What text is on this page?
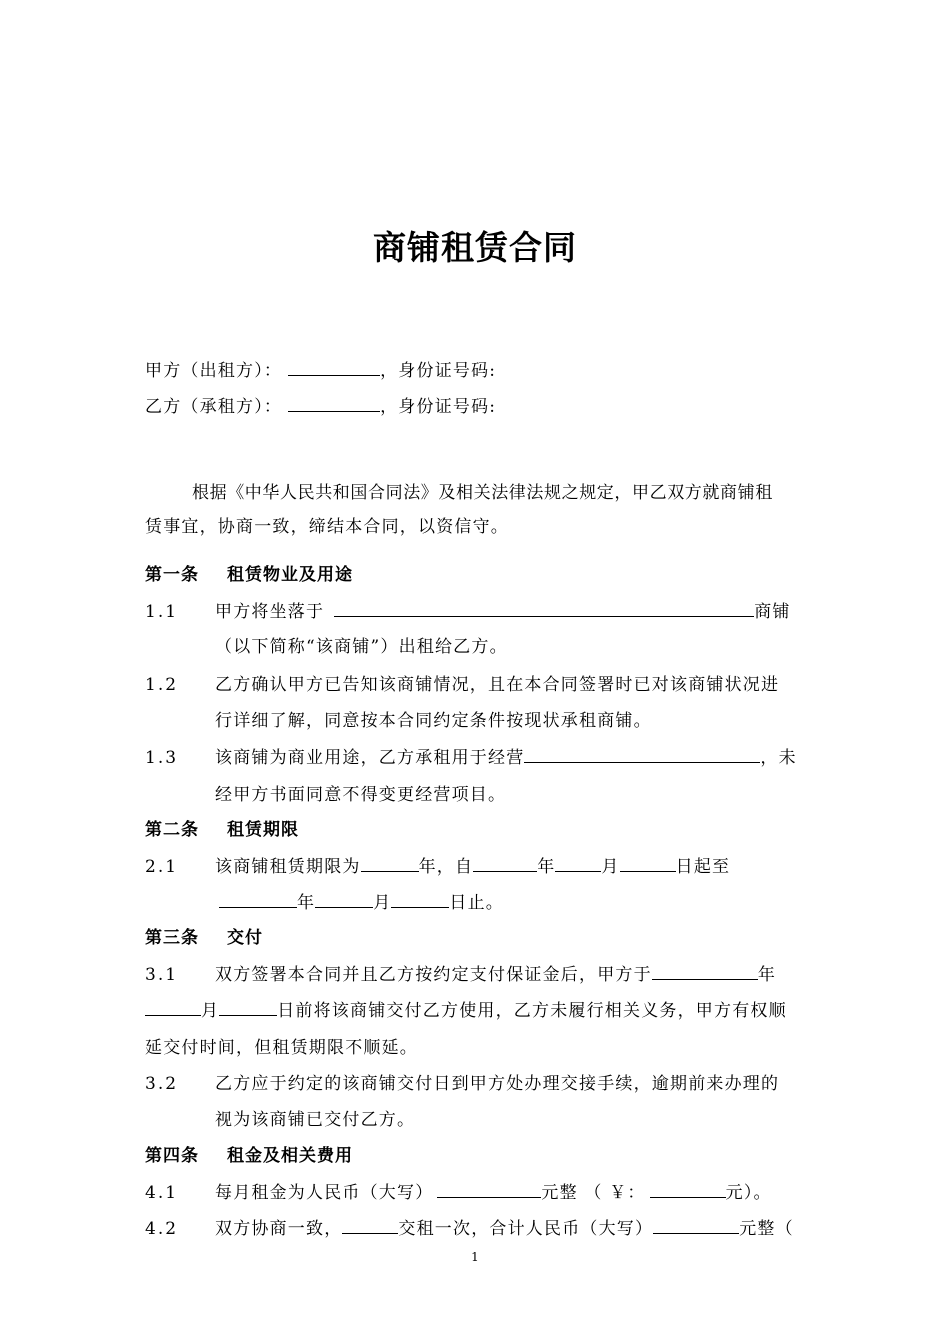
商铺租赁合同
甲方（出租方）：	，身份证号码:
乙方（承租方）：	，身份证号码:
根据《中华人民共和国合同法》及相关法律法规之规定，甲乙双方就商铺租
赁事宜，协商一致，缔结本合同，以资信守。
第一条 租赁物业及用途
1.1 甲方将坐落于	商铺
（以下简称“该商铺”）出租给乙方。
1.2 乙方确认甲方已告知该商铺情况，且在本合同签署时已对该商铺状况进
行详细了解，同意按本合同约定条件按现状承租商铺。
1.3 该商铺为商业用途，乙方承租用于经营	，未
经甲方书面同意不得变更经营项目。
第二条 租赁期限
2.1 该商铺租赁期限为	年，自	年	月	日起至
年	月	日止。
第三条 交付
3.1 双方签署本合同并且乙方按约定支付保证金后，甲方于	年
月	日前将该商铺交付乙方使用，乙方未履行相关义务，甲方有权顺
延交付时间，但租赁期限不顺延。
3.2 乙方应于约定的该商铺交付日到甲方处办理交接手续，逾期前来办理的
视为该商铺已交付乙方。
第四条 租金及相关费用
4.1 每月租金为人民币（大写）	元整 （ ￥：	元）。
4.2 双方协商一致，	交租一次，合计人民币（大写）	元整（
1
